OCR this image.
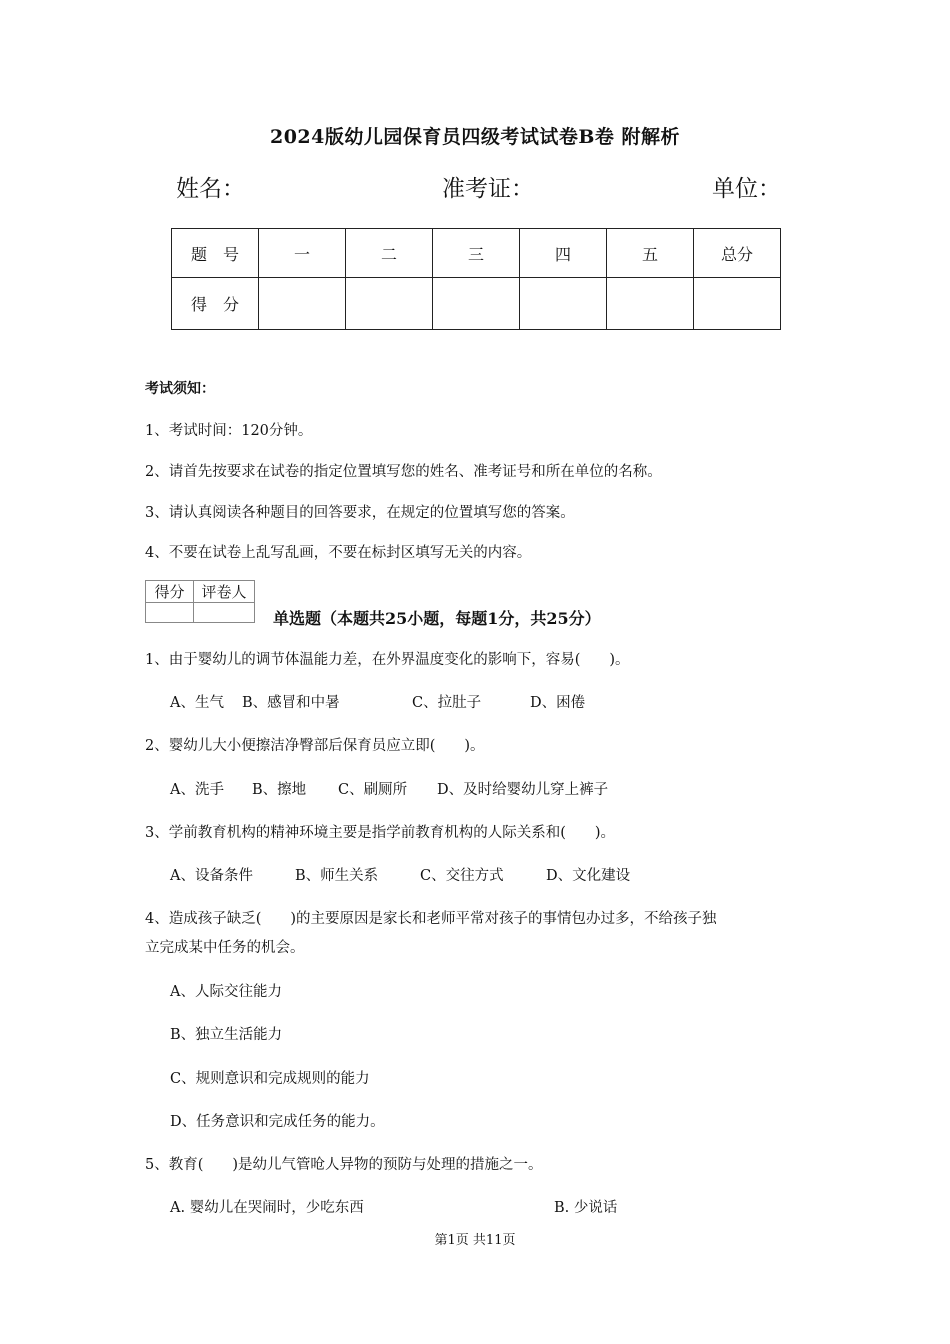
2024版幼儿园保育员四级考试试卷B卷 附解析
姓名：	准考证：	单位：
题　号	一	二	三	四	五	总分
得　分						
考试须知：
1、考试时间：120分钟。
2、请首先按要求在试卷的指定位置填写您的姓名、准考证号和所在单位的名称。
3、请认真阅读各种题目的回答要求，在规定的位置填写您的答案。
4、不要在试卷上乱写乱画，不要在标封区填写无关的内容。
得分	评卷人

单选题（本题共25小题，每题1分，共25分）
1、由于婴幼儿的调节体温能力差，在外界温度变化的影响下，容易(　　)。
A、生气 B、感冒和中暑	C、拉肚子	D、困倦
2、婴幼儿大小便擦洁净臀部后保育员应立即(　　)。
A、洗手 B、擦地 C、刷厕所 D、及时给婴幼儿穿上裤子
3、学前教育机构的精神环境主要是指学前教育机构的人际关系和(　　)。
A、设备条件	B、师生关系	C、交往方式	D、文化建设
4、造成孩子缺乏(　　)的主要原因是家长和老师平常对孩子的事情包办过多，不给孩子独
立完成某中任务的机会。
A、人际交往能力
B、独立生活能力
C、规则意识和完成规则的能力
D、任务意识和完成任务的能力。
5、教育(　　)是幼儿气管呛人异物的预防与处理的措施之一。
A. 婴幼儿在哭闹时，少吃东西	B. 少说话
第1页 共11页
